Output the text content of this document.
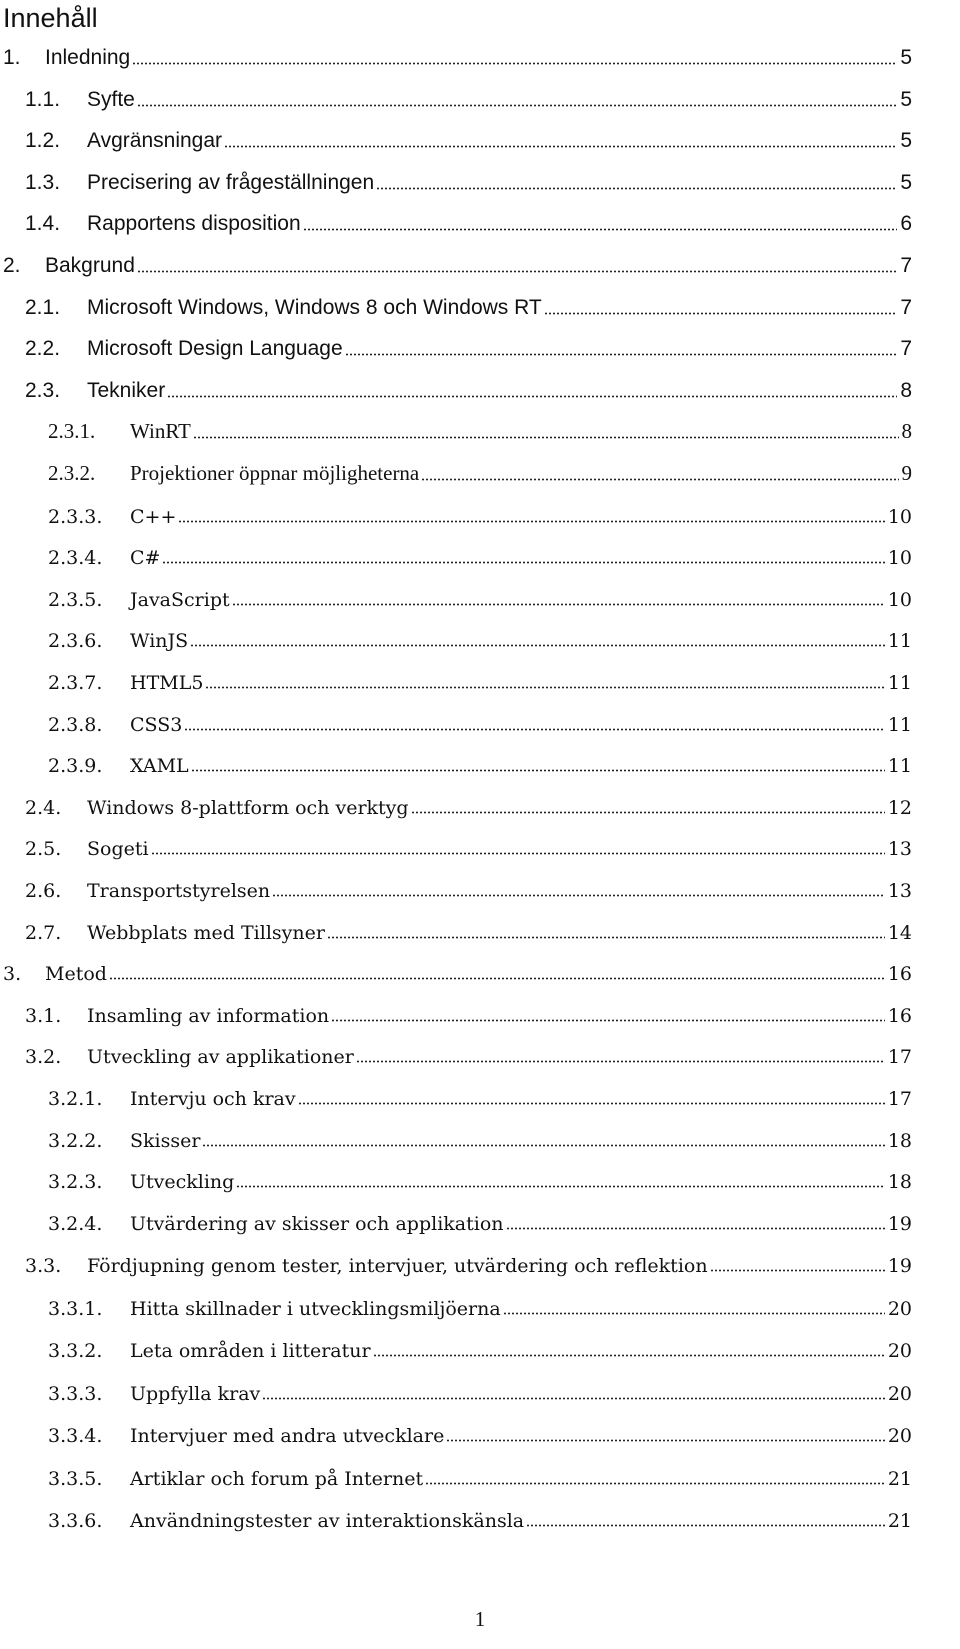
Innehåll
1.	Inledning	5
1.1.	Syfte	5
1.2.	Avgränsningar	5
1.3.	Precisering av frågeställningen	5
1.4.	Rapportens disposition	6
2.	Bakgrund	7
2.1.	Microsoft Windows, Windows 8 och Windows RT	7
2.2.	Microsoft Design Language	7
2.3.	Tekniker	8
2.3.1.	WinRT	8
2.3.2.	Projektioner öppnar möjligheterna	9
2.3.3.	C++	10
2.3.4.	C#	10
2.3.5.	JavaScript	10
2.3.6.	WinJS	11
2.3.7.	HTML5	11
2.3.8.	CSS3	11
2.3.9.	XAML	11
2.4.	Windows 8-plattform och verktyg	12
2.5.	Sogeti	13
2.6.	Transportstyrelsen	13
2.7.	Webbplats med Tillsyner	14
3.	Metod	16
3.1.	Insamling av information	16
3.2.	Utveckling av applikationer	17
3.2.1.	Intervju och krav	17
3.2.2.	Skisser	18
3.2.3.	Utveckling	18
3.2.4.	Utvärdering av skisser och applikation	19
3.3.	Fördjupning genom tester, intervjuer, utvärdering och reflektion	19
3.3.1.	Hitta skillnader i utvecklingsmiljöerna	20
3.3.2.	Leta områden i litteratur	20
3.3.3.	Uppfylla krav	20
3.3.4.	Intervjuer med andra utvecklare	20
3.3.5.	Artiklar och forum på Internet	21
3.3.6.	Användningstester av interaktionskänsla	21
1
